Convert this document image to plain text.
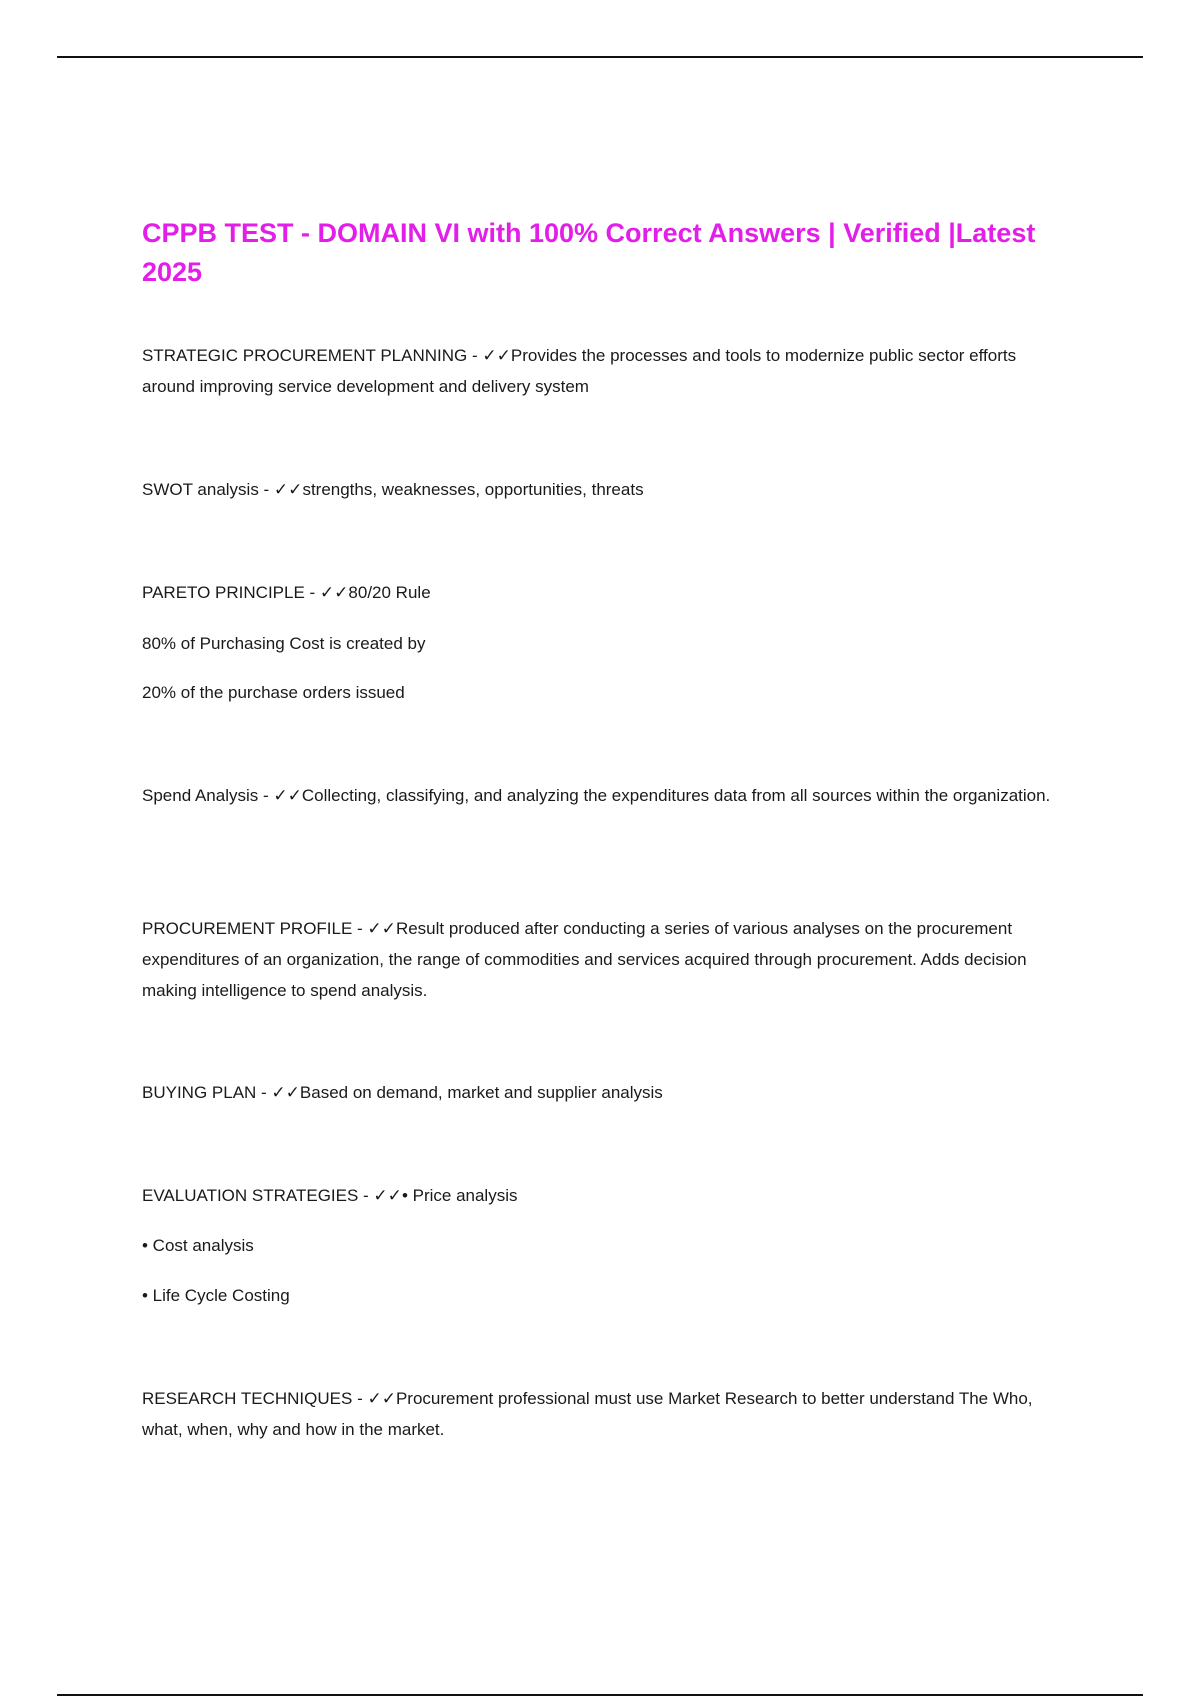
CPPB TEST - DOMAIN VI with 100% Correct Answers | Verified |Latest 2025

STRATEGIC PROCUREMENT PLANNING - ✓✓Provides the processes and tools to modernize public sector efforts around improving service development and delivery system

SWOT analysis - ✓✓strengths, weaknesses, opportunities, threats

PARETO PRINCIPLE - ✓✓80/20 Rule

80% of Purchasing Cost is created by

20% of the purchase orders issued

Spend Analysis - ✓✓Collecting, classifying, and analyzing the expenditures data from all sources within the organization.

PROCUREMENT PROFILE - ✓✓Result produced after conducting a series of various analyses on the procurement expenditures of an organization, the range of commodities and services acquired through procurement. Adds decision making intelligence to spend analysis.

BUYING PLAN - ✓✓Based on demand, market and supplier analysis

EVALUATION STRATEGIES - ✓✓• Price analysis

• Cost analysis

• Life Cycle Costing

RESEARCH TECHNIQUES - ✓✓Procurement professional must use Market Research to better understand The Who, what, when, why and how in the market.
